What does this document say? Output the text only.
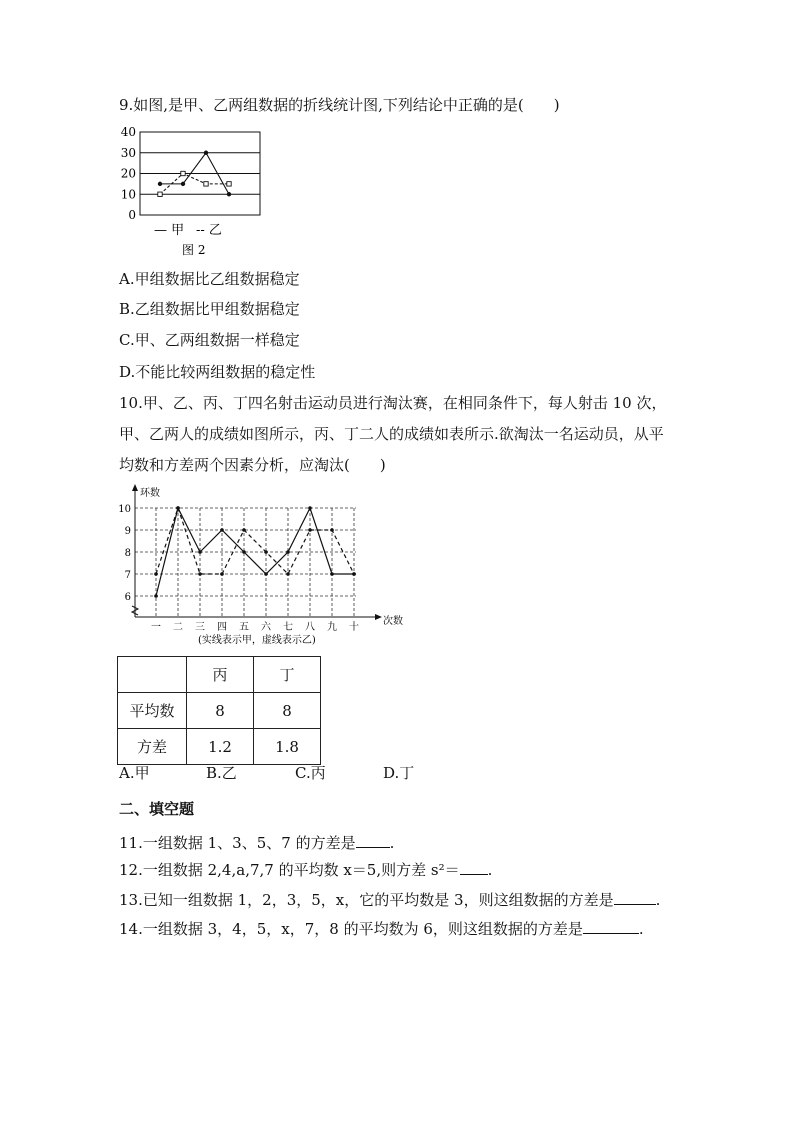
9.如图,是甲、乙两组数据的折线统计图,下列结论中正确的是(　　)
0
10
20
30
40
— 甲 -- 乙
图 2
A.甲组数据比乙组数据稳定
B.乙组数据比甲组数据稳定
C.甲、乙两组数据一样稳定
D.不能比较两组数据的稳定性
10.甲、乙、丙、丁四名射击运动员进行淘汰赛，在相同条件下，每人射击 10 次，
甲、乙两人的成绩如图所示，丙、丁二人的成绩如表所示.欲淘汰一名运动员，从平
均数和方差两个因素分析，应淘汰(　　)
6
7
8
9
10
一 二 三 四 五 六 七 八 九 十
环数
次数
(实线表示甲，虚线表示乙)
	丙	丁
平均数	8	8
方差	1.2	1.8
A.甲	B.乙	C.丙	D.丁
二、填空题
11.一组数据 1、3、5、7 的方差是 .
12.一组数据 2,4,a,7,7 的平均数 x＝5,则方差 s²＝ .
13.已知一组数据 1，2，3，5，x，它的平均数是 3，则这组数据的方差是	.
14.一组数据 3，4，5，x，7，8 的平均数为 6，则这组数据的方差是	.
